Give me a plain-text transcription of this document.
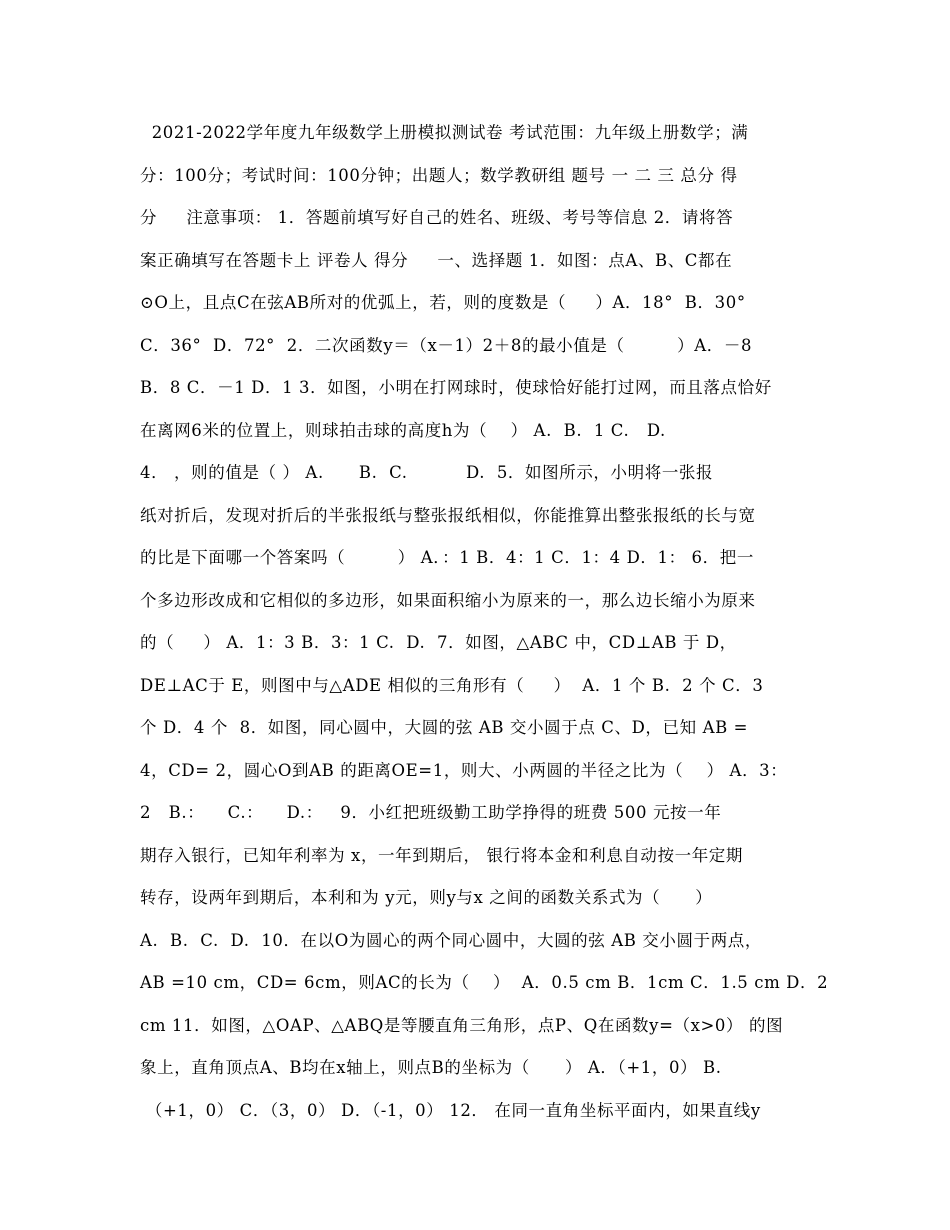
2021-2022学年度九年级数学上册模拟测试卷 考试范围：九年级上册数学；满
分：100分；考试时间：100分钟；出题人；数学教研组 题号 一 二 三 总分 得
分     注意事项： 1．答题前填写好自己的姓名、班级、考号等信息 2．请将答
案正确填写在答题卡上 评卷人 得分     一、选择题 1．如图：点A、B、C都在
⊙O上，且点C在弦AB所对的优弧上，若，则的度数是（     ）A．18°  B．30°
C．36°  D．72°  2．二次函数y＝（x－1）2＋8的最小值是（         ）A．－8
B．8 C．－1 D．1 3．如图，小明在打网球时，使球恰好能打过网，而且落点恰好
在离网6米的位置上，则球拍击球的高度h为（    ） A.  B.  1 C.   D.
4． ，则的值是（ ） A.      B.  C.          D.  5．如图所示，小明将一张报
纸对折后，发现对折后的半张报纸与整张报纸相似，你能推算出整张报纸的长与宽
的比是下面哪一个答案吗（         ） A．：1 B．4：1 C．1：4 D．1： 6．把一
个多边形改成和它相似的多边形，如果面积缩小为原来的一，那么边长缩小为原来
的（     ） A．1：3 B．3：1 C.  D.  7．如图，△ABC 中，CD⊥AB 于 D，
DE⊥AC于 E，则图中与△ADE 相似的三角形有（     ）  A．1 个 B.  2 个 C．3
个 D．4 个  8．如图，同心圆中，大圆的弦 AB 交小圆于点 C、D，已知 AB =
4，CD= 2，圆心O到AB 的距离OE=1，则大、小两圆的半径之比为（    ） A．3：
2   B.：    C.：    D.：   9．小红把班级勤工助学挣得的班费 500 元按一年
期存入银行，已知年利率为 x，一年到期后， 银行将本金和利息自动按一年定期
转存，设两年到期后，本利和为 y元，则y与x 之间的函数关系式为（      ）
A.  B.  C.  D.  10．在以O为圆心的两个同心圆中，大圆的弦 AB 交小圆于两点，
AB =10 cm，CD= 6cm，则AC的长为（    ）  A．0.5 cm B．1cm C．1.5 cm D．2
cm 11．如图，△OAP、△ABQ是等腰直角三角形，点P、Q在函数y=（x>0） 的图
象上，直角顶点A、B均在x轴上，则点B的坐标为（      ） A．（+1，0） B.
（+1，0） C．（3，0） D．（-1，0） 12． 在同一直角坐标平面内，如果直线y
